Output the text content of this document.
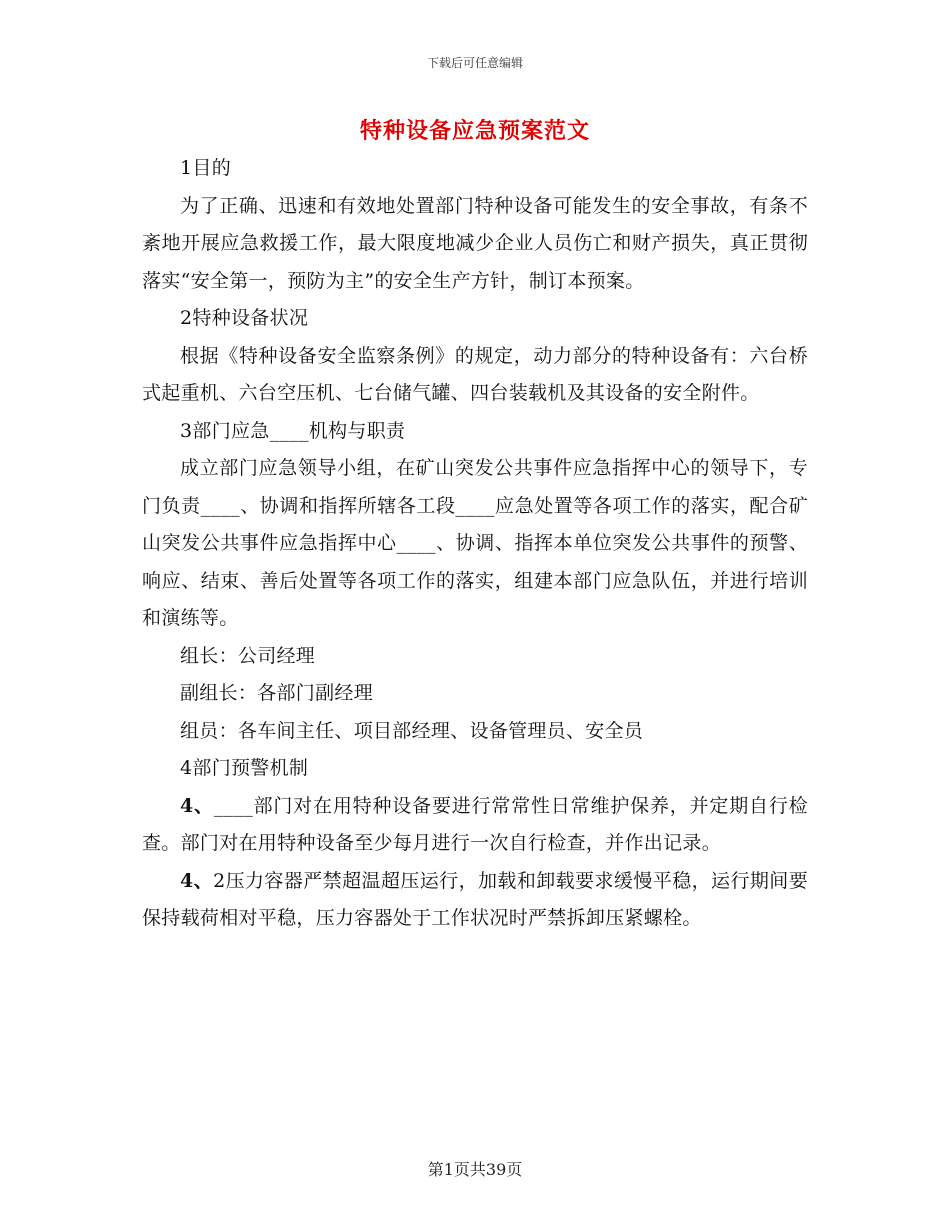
下载后可任意编辑
特种设备应急预案范文

1目的

为了正确、迅速和有效地处置部门特种设备可能发生的安全事故，有条不紊地开展应急救援工作，最大限度地减少企业人员伤亡和财产损失，真正贯彻落实“安全第一，预防为主”的安全生产方针，制订本预案。

2特种设备状况

根据《特种设备安全监察条例》的规定，动力部分的特种设备有：六台桥式起重机、六台空压机、七台储气罐、四台装载机及其设备的安全附件。

3部门应急____机构与职责

成立部门应急领导小组，在矿山突发公共事件应急指挥中心的领导下，专门负责____、协调和指挥所辖各工段____应急处置等各项工作的落实，配合矿山突发公共事件应急指挥中心____、协调、指挥本单位突发公共事件的预警、响应、结束、善后处置等各项工作的落实，组建本部门应急队伍，并进行培训和演练等。

组长：公司经理

副组长：各部门副经理

组员：各车间主任、项目部经理、设备管理员、安全员

4部门预警机制

4、____部门对在用特种设备要进行常常性日常维护保养，并定期自行检查。部门对在用特种设备至少每月进行一次自行检查，并作出记录。

4、2压力容器严禁超温超压运行，加载和卸载要求缓慢平稳，运行期间要保持载荷相对平稳，压力容器处于工作状况时严禁拆卸压紧螺栓。

第1页共39页
